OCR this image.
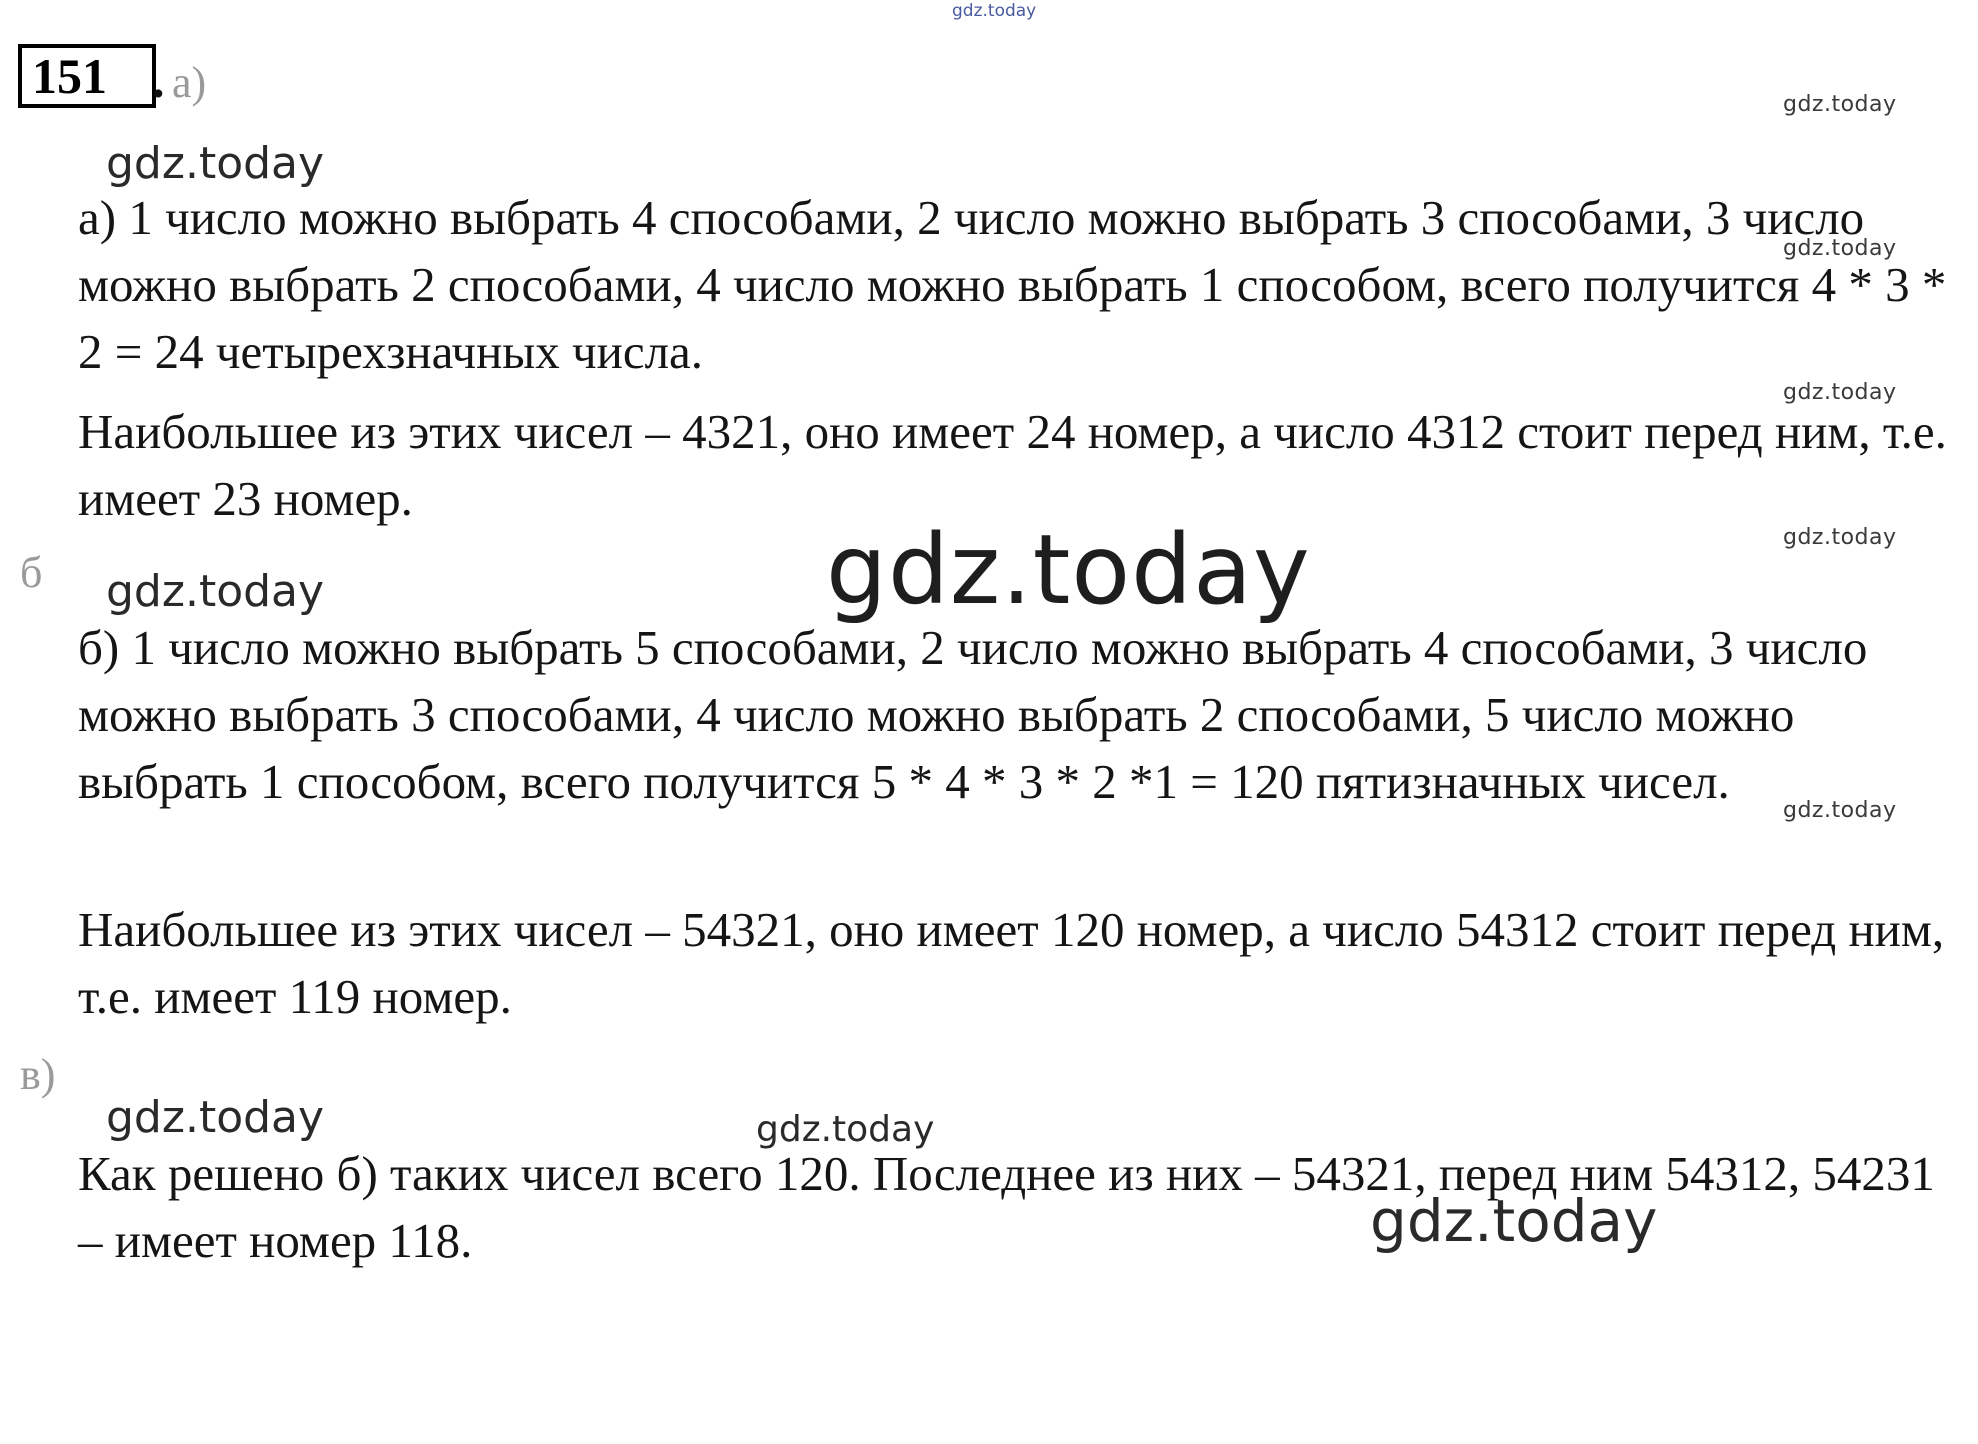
gdz.today
gdz.today
gdz.today
gdz.today
gdz.today
gdz.today
gdz.today
gdz.today
gdz.today	gdz.today
gdz.today
gdz.today
151 . а)

а) 1 число можно выбрать 4 способами, 2 число можно выбрать 3 способами, 3 число можно выбрать 2 способами, 4 число можно выбрать 1 способом, всего получится 4 * 3 * 2 = 24 четырехзначных числа.

Наибольшее из этих чисел – 4321, оно имеет 24 номер, а число 4312 стоит перед ним, т.е. имеет 23 номер.

б

б) 1 число можно выбрать 5 способами, 2 число можно выбрать 4 способами, 3 число можно выбрать 3 способами, 4 число можно выбрать 2 способами, 5 число можно выбрать 1 способом, всего получится 5 * 4 * 3 * 2 *1 = 120 пятизначных чисел.

Наибольшее из этих чисел – 54321, оно имеет 120 номер, а число 54312 стоит перед ним, т.е. имеет 119 номер.

в)

Как решено б) таких чисел всего 120. Последнее из них – 54321, перед ним 54312, 54231 – имеет номер 118.
